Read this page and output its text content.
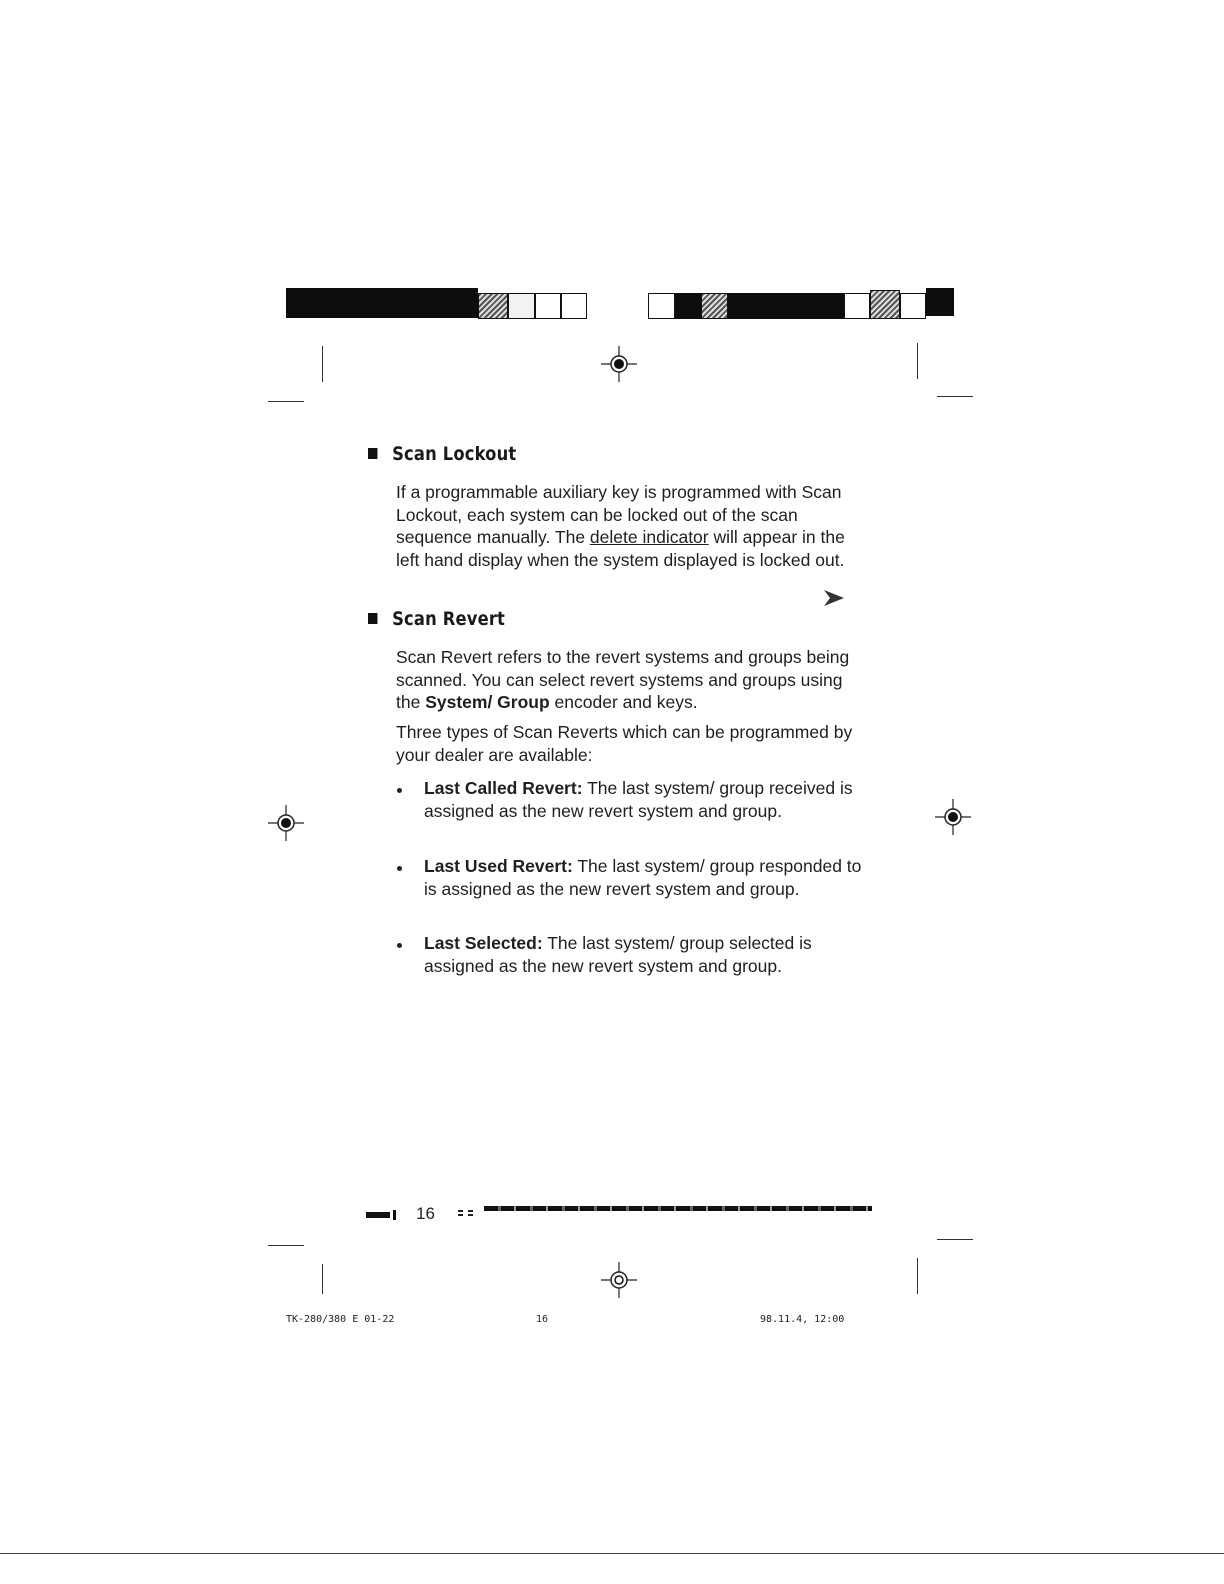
Scan Lockout
If a programmable auxiliary key is programmed with Scan Lockout, each system can be locked out of the scan sequence manually. The delete indicator will appear in the left hand display when the system displayed is locked out.
Scan Revert
Scan Revert refers to the revert systems and groups being scanned. You can select revert systems and groups using the System/ Group encoder and keys.
Three types of Scan Reverts which can be programmed by your dealer are available:
Last Called Revert: The last system/ group received is assigned as the new revert system and group.
Last Used Revert: The last system/ group responded to is assigned as the new revert system and group.
Last Selected: The last system/ group selected is assigned as the new revert system and group.
16
TK-280/380 E 01-22	16	98.11.4, 12:00
